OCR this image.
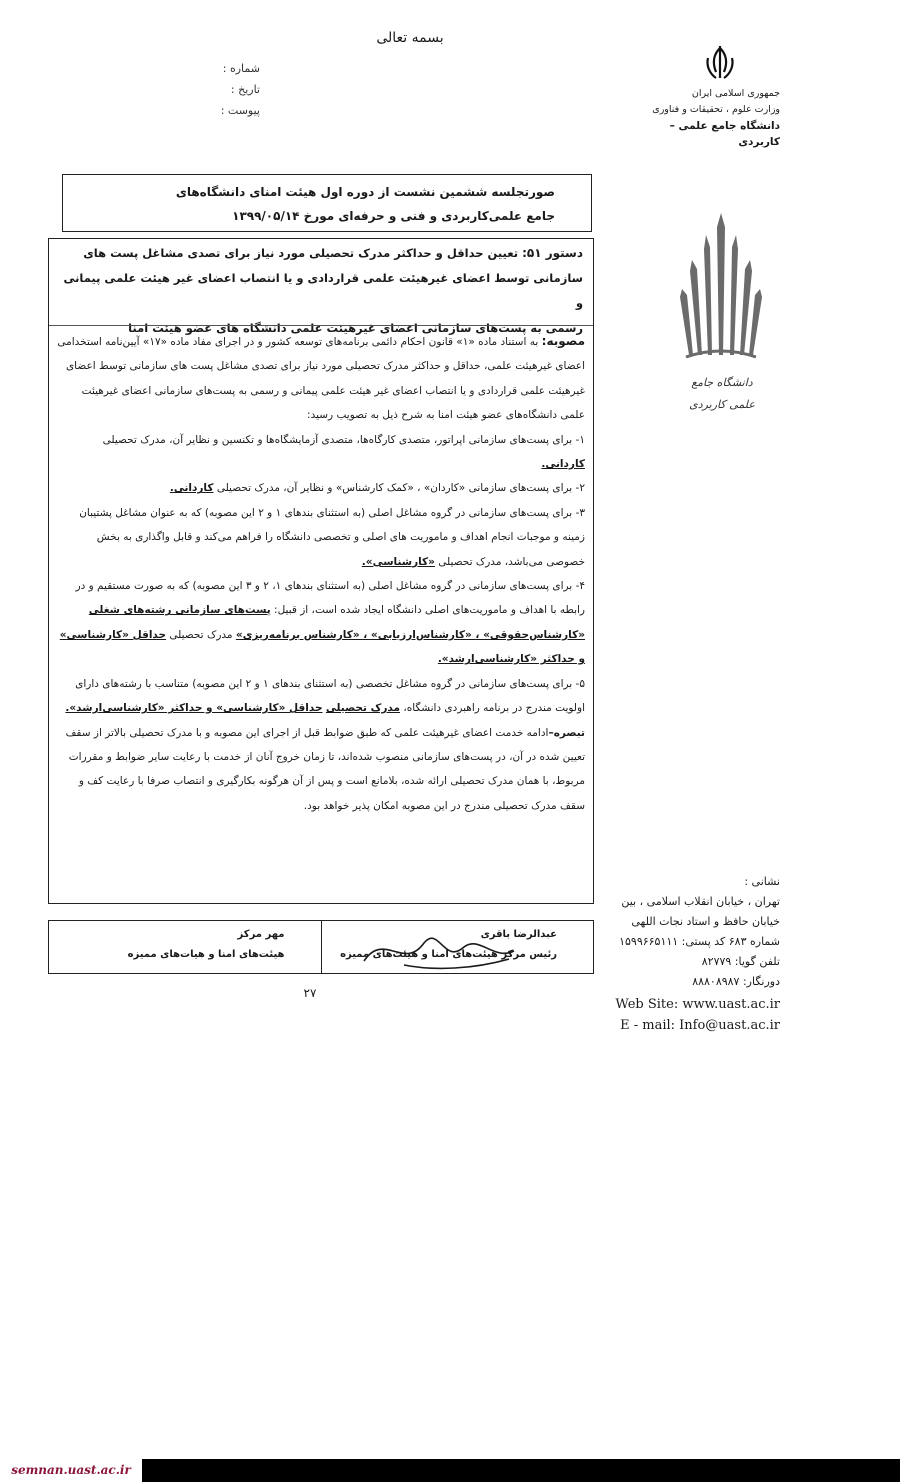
بسمه تعالی
شماره :
تاریخ :
پیوست :
جمهوری اسلامی ایران
وزارت علوم ، تحقیقات و فناوری
دانشگاه جامع علمی – کاربردی
دانشگاه جامع
علمی کاربردی
صورتجلسه ششمین نشست از دوره اول هیئت امنای دانشگاه‌های
جامع علمی‌کاربردی و فنی و حرفه‌ای مورخ ۱۳۹۹/۰۵/۱۴
دستور ۵۱: تعیین حداقل و حداکثر مدرک تحصیلی مورد نیاز برای تصدی مشاغل پست های
سازمانی توسط اعضای غیرهیئت علمی قراردادی و یا انتصاب اعضای غیر هیئت علمی پیمانی و
رسمی به پست‌های سازمانی اعضای غیرهیئت علمی دانشگاه های عضو هیئت امنا

مصوبه: به استناد ماده «۱» قانون احکام دائمی برنامه‌های توسعه کشور و در اجرای مفاد ماده «۱۷» آیین‌نامه استخدامی اعضای غیرهیئت علمی، حداقل و حداکثر مدرک تحصیلی مورد نیاز برای تصدی مشاغل پست های سازمانی توسط اعضای غیرهیئت علمی قراردادی و یا انتصاب اعضای غیر هیئت علمی پیمانی و رسمی به پست‌های سازمانی اعضای غیرهیئت علمی دانشگاه‌های عضو هیئت امنا به شرح ذیل به تصویب رسید:

۱- برای پست‌های سازمانی اپراتور، متصدی کارگاه‌ها، متصدی آزمایشگاه‌ها و تکنسین و نظایر آن، مدرک تحصیلی کاردانی.

۲- برای پست‌های سازمانی «کاردان» ، «کمک کارشناس» و نظایر آن، مدرک تحصیلی کاردانی.

۳- برای پست‌های سازمانی در گروه مشاغل اصلی (به استثنای بندهای ۱ و ۲ این مصوبه) که به عنوان مشاغل پشتیبان زمینه و موجبات انجام اهداف و ماموریت های اصلی و تخصصی دانشگاه را فراهم می‌کند و قابل واگذاری به بخش خصوصی می‌باشد، مدرک تحصیلی «کارشناسی».

۴- برای پست‌های سازمانی در گروه مشاغل اصلی (به استثنای بندهای ۱، ۲ و ۳ این مصوبه) که به صورت مستقیم و در رابطه با اهداف و ماموریت‌های اصلی دانشگاه ایجاد شده است، از قبیل: پست‌های سازمانی رشته‌های شغلی «کارشناس‌حقوقی» ، «کارشناس‌ارزیابی» ، «کارشناس برنامه‌ریزی» مدرک تحصیلی حداقل «کارشناسی» و حداکثر «کارشناسی‌ارشد».

۵- برای پست‌های سازمانی در گروه مشاغل تخصصی (به استثنای بندهای ۱ و ۲ این مصوبه) متناسب با رشته‌های دارای اولویت مندرج در برنامه راهبردی دانشگاه، مدرک تحصیلی حداقل «کارشناسی» و حداکثر «کارشناسی‌ارشد».

تبصره–ادامه خدمت اعضای غیرهیئت علمی که طبق ضوابط قبل از اجرای این مصوبه و با مدرک تحصیلی بالاتر از سقف تعیین شده در آن، در پست‌های سازمانی منصوب شده‌اند، تا زمان خروج آنان از خدمت با رعایت سایر ضوابط و مقررات مربوط، با همان مدرک تحصیلی ارائه شده، بلامانع است و پس از آن هرگونه بکارگیری و انتصاب صرفا با رعایت کف و سقف مدرک تحصیلی مندرج در این مصوبه امکان پذیر خواهد بود.

عبدالرضا باقری
رئیس مرکز هیئت‌های امنا و هیئت‌های ممیزه
مهر مرکز
هیئت‌های امنا و هیات‌های ممیزه
۲۷
نشانی :
تهران ، خیابان انقلاب اسلامی ، بین
خیابان حافظ و استاد نجات اللهی
شماره ۶۸۳ کد پستی: ۱۵۹۹۶۶۵۱۱۱
تلفن گویا: ۸۲۷۷۹
دورنگار: ۸۸۸۰۸۹۸۷
Web Site: www.uast.ac.ir
E - mail: Info@uast.ac.ir
semnan.uast.ac.ir
